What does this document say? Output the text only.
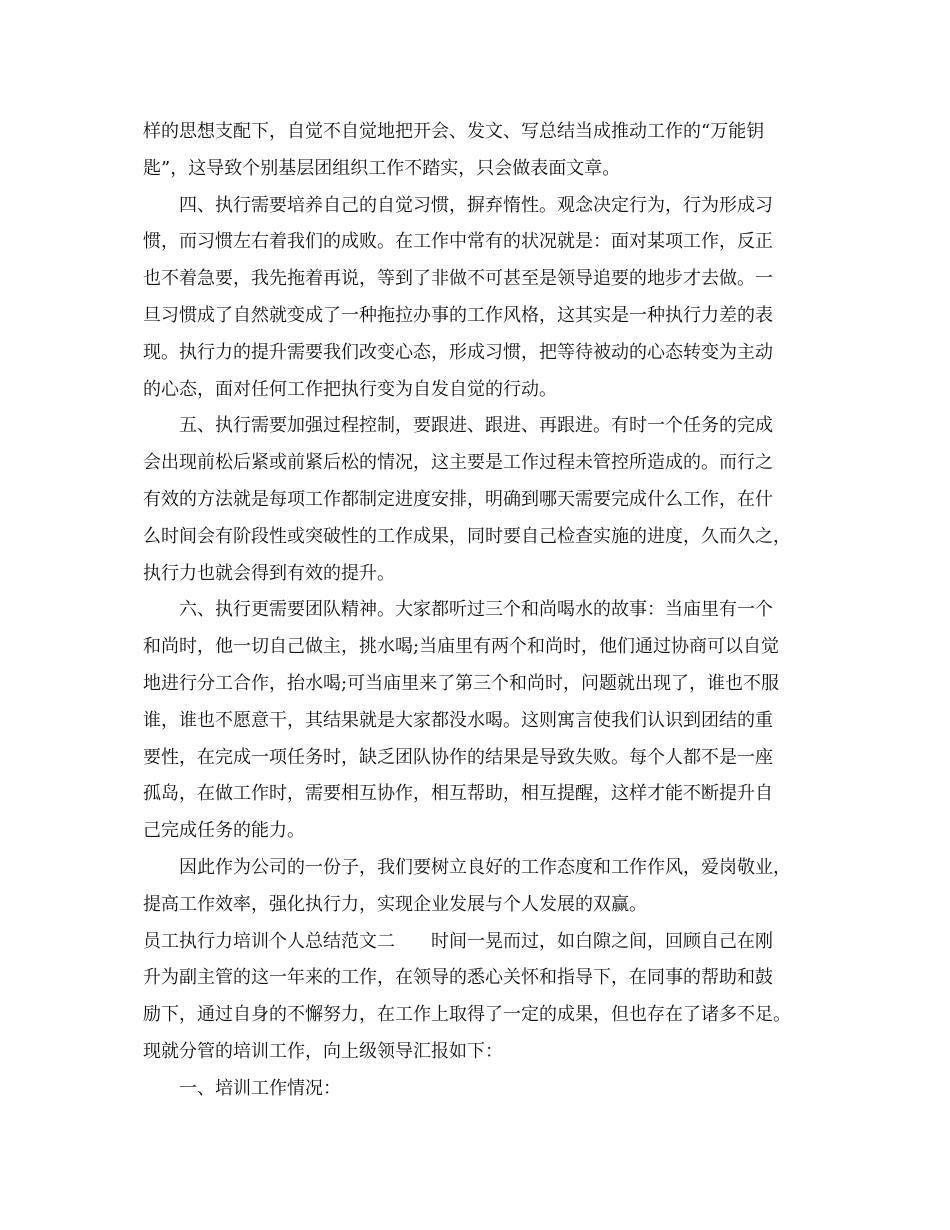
样的思想支配下，自觉不自觉地把开会、发文、写总结当成推动工作的“万能钥
匙”，这导致个别基层团组织工作不踏实，只会做表面文章。
四、执行需要培养自己的自觉习惯，摒弃惰性。观念决定行为，行为形成习
惯，而习惯左右着我们的成败。在工作中常有的状况就是：面对某项工作，反正
也不着急要，我先拖着再说，等到了非做不可甚至是领导追要的地步才去做。一
旦习惯成了自然就变成了一种拖拉办事的工作风格，这其实是一种执行力差的表
现。执行力的提升需要我们改变心态，形成习惯，把等待被动的心态转变为主动
的心态，面对任何工作把执行变为自发自觉的行动。
五、执行需要加强过程控制，要跟进、跟进、再跟进。有时一个任务的完成
会出现前松后紧或前紧后松的情况，这主要是工作过程未管控所造成的。而行之
有效的方法就是每项工作都制定进度安排，明确到哪天需要完成什么工作，在什
么时间会有阶段性或突破性的工作成果，同时要自己检查实施的进度，久而久之，
执行力也就会得到有效的提升。
六、执行更需要团队精神。大家都听过三个和尚喝水的故事：当庙里有一个
和尚时，他一切自己做主，挑水喝;当庙里有两个和尚时，他们通过协商可以自觉
地进行分工合作，抬水喝;可当庙里来了第三个和尚时，问题就出现了，谁也不服
谁，谁也不愿意干，其结果就是大家都没水喝。这则寓言使我们认识到团结的重
要性，在完成一项任务时，缺乏团队协作的结果是导致失败。每个人都不是一座
孤岛，在做工作时，需要相互协作，相互帮助，相互提醒，这样才能不断提升自
己完成任务的能力。
因此作为公司的一份子，我们要树立良好的工作态度和工作作风，爱岗敬业，
提高工作效率，强化执行力，实现企业发展与个人发展的双赢。
员工执行力培训个人总结范文二　　时间一晃而过，如白隙之间，回顾自己在刚
升为副主管的这一年来的工作，在领导的悉心关怀和指导下，在同事的帮助和鼓
励下，通过自身的不懈努力，在工作上取得了一定的成果，但也存在了诸多不足。
现就分管的培训工作，向上级领导汇报如下：
一、培训工作情况：
